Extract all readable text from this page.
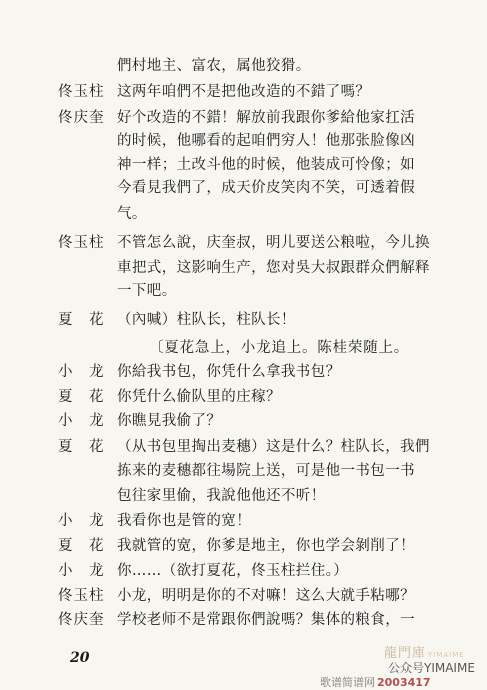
們村地主、富农，属他狡猾。
佟玉柱 这两年咱們不是把他改造的不錯了嗎？
佟庆奎 好个改造的不錯！解放前我跟你爹給他家扛活
的时候，他哪看的起咱們穷人！他那张脸像凶
神一样；土改斗他的时候，他装成可怜像；如
今看見我們了，成天价皮笑肉不笑，可透着假
气。
佟玉柱 不管怎么說，庆奎叔，明儿要送公粮啦，今儿换
車把式，这影响生产，您对吳大叔跟群众們解释
一下吧。
夏　花 （內喊）柱队长，柱队长！
〔夏花急上，小龙追上。陈桂荣随上。
小　龙 你給我书包，你凭什么拿我书包？
夏　花 你凭什么偷队里的庄稼？
小　龙 你瞧見我偷了？
夏　花 （从书包里掏出麦穗）这是什么？柱队长，我們
拣来的麦穗都往場院上送，可是他一书包一书
包往家里偷，我說他他还不听！
小　龙 我看你也是管的宽！
夏　花 我就管的宽，你爹是地主，你也学会剝削了！
小　龙 你……（欲打夏花，佟玉柱拦住。）
佟玉柱 小龙，明明是你的不对嘛！这么大就手粘哪？
佟庆奎 学校老师不是常跟你們說嗎？集体的粮食，一
20	龍門庫 YIMAIME
公众号YIMAIME
歌谱简谱网 2003417
